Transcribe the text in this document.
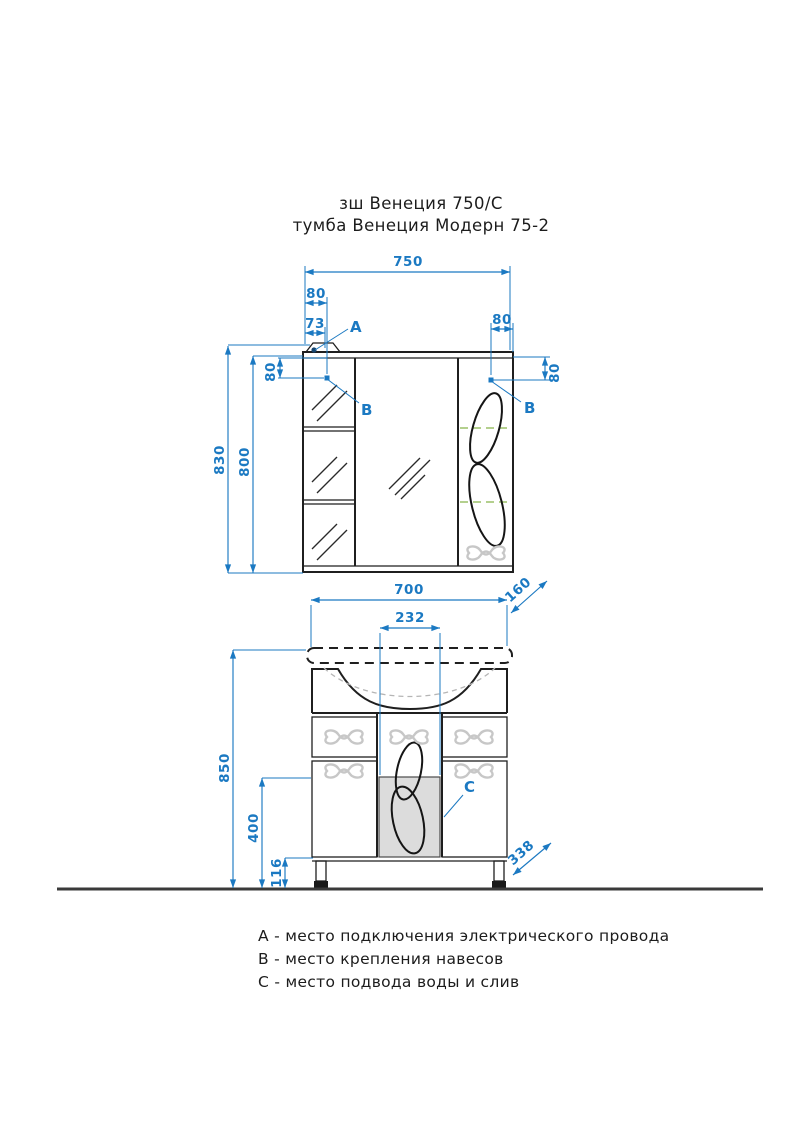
зш Венеция 750/С
тумба Венеция Модерн 75-2
A
B	B
750
80
73	80
80	80
830 800
160
C
700
232
850
400
116
338
A - место подключения электрического провода
B - место крепления навесов
C - место подвода воды и слив
